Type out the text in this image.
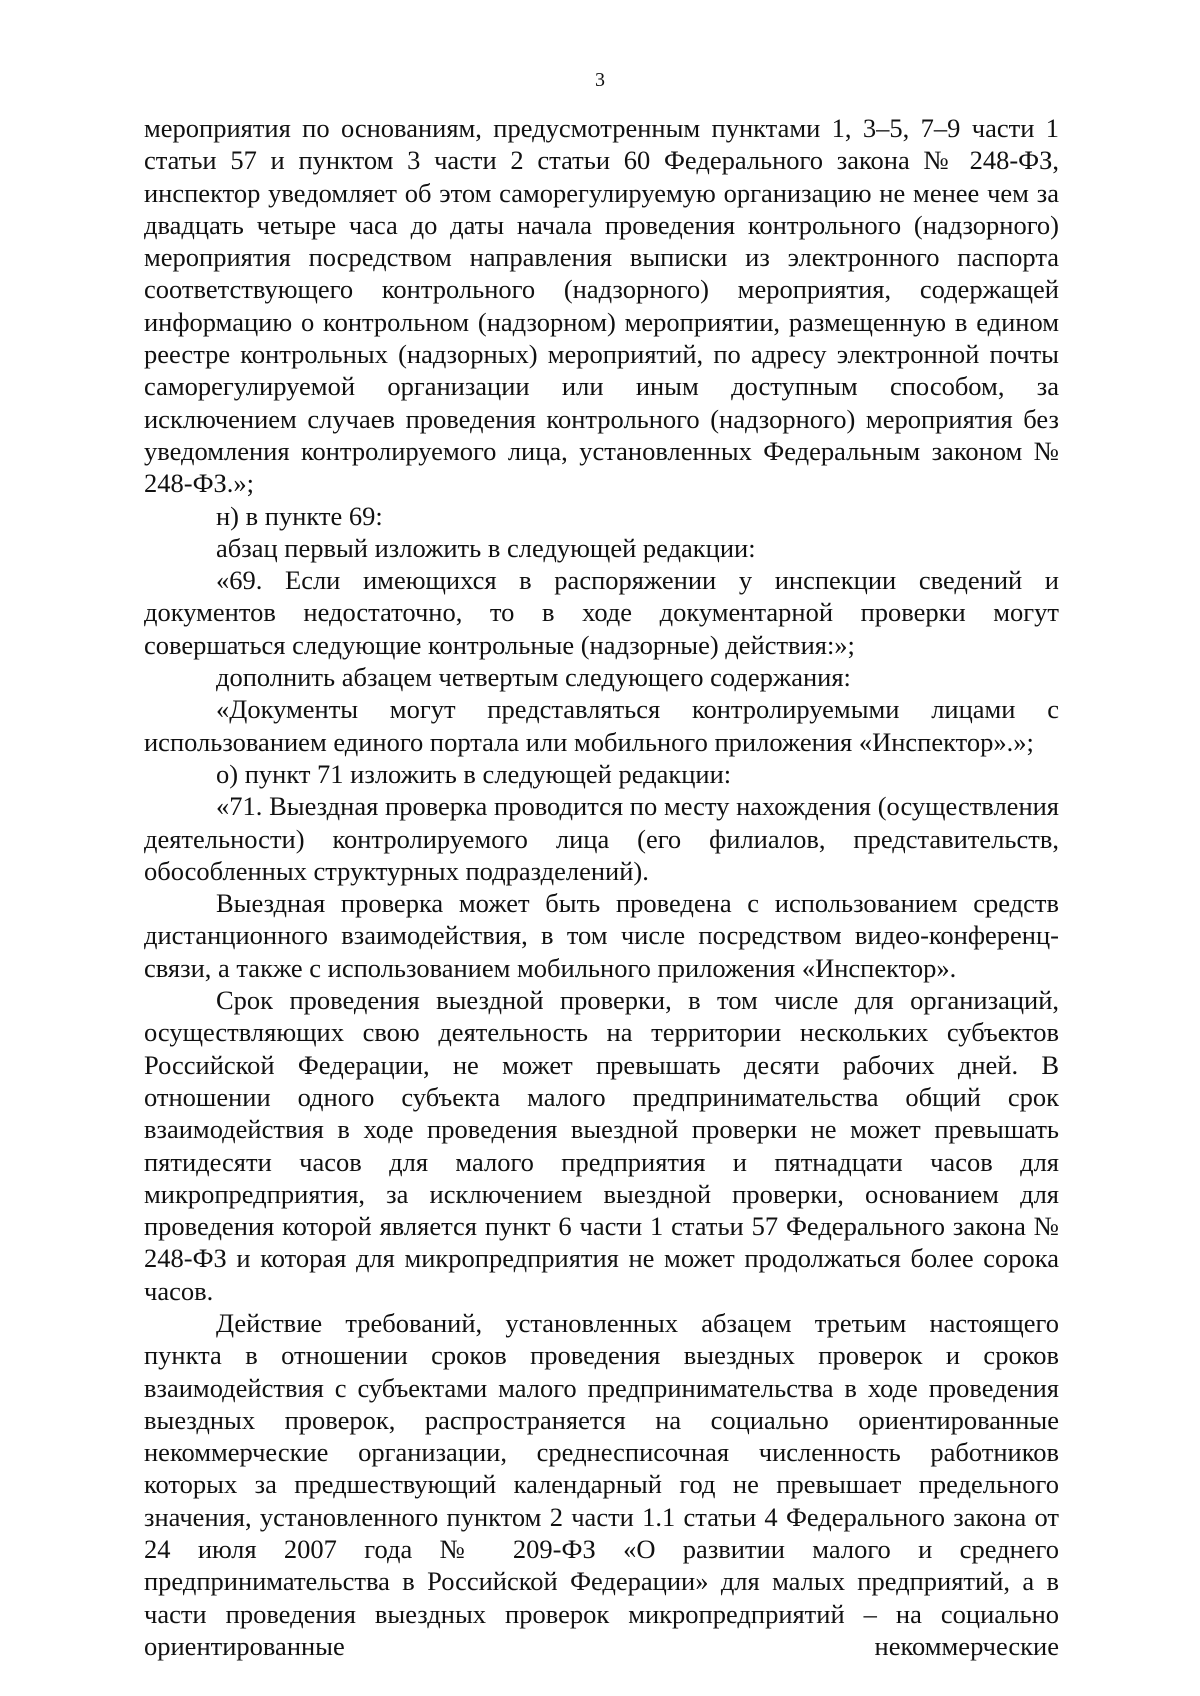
3

мероприятия по основаниям, предусмотренным пунктами 1, 3–5, 7–9 части 1 статьи 57 и пунктом 3 части 2 статьи 60 Федерального закона № 248-ФЗ, инспектор уведомляет об этом саморегулируемую организацию не менее чем за двадцать четыре часа до даты начала проведения контрольного (надзорного) мероприятия посредством направления выписки из электронного паспорта соответствующего контрольного (надзорного) мероприятия, содержащей информацию о контрольном (надзорном) мероприятии, размещенную в едином реестре контрольных (надзорных) мероприятий, по адресу электронной почты саморегулируемой организации или иным доступным способом, за исключением случаев проведения контрольного (надзорного) мероприятия без уведомления контролируемого лица, установленных Федеральным законом № 248-ФЗ.»;

н) в пункте 69:

абзац первый изложить в следующей редакции:

«69. Если имеющихся в распоряжении у инспекции сведений и документов недостаточно, то в ходе документарной проверки могут совершаться следующие контрольные (надзорные) действия:»;

дополнить абзацем четвертым следующего содержания:

«Документы могут представляться контролируемыми лицами с использованием единого портала или мобильного приложения «Инспектор».»;

о) пункт 71 изложить в следующей редакции:

«71. Выездная проверка проводится по месту нахождения (осуществления деятельности) контролируемого лица (его филиалов, представительств, обособленных структурных подразделений).

Выездная проверка может быть проведена с использованием средств дистанционного взаимодействия, в том числе посредством видео-конференц-связи, а также с использованием мобильного приложения «Инспектор».

Срок проведения выездной проверки, в том числе для организаций, осуществляющих свою деятельность на территории нескольких субъектов Российской Федерации, не может превышать десяти рабочих дней. В отношении одного субъекта малого предпринимательства общий срок взаимодействия в ходе проведения выездной проверки не может превышать пятидесяти часов для малого предприятия и пятнадцати часов для микропредприятия, за исключением выездной проверки, основанием для проведения которой является пункт 6 части 1 статьи 57 Федерального закона № 248-ФЗ и которая для микропредприятия не может продолжаться более сорока часов.

Действие требований, установленных абзацем третьим настоящего пункта в отношении сроков проведения выездных проверок и сроков взаимодействия с субъектами малого предпринимательства в ходе проведения выездных проверок, распространяется на социально ориентированные некоммерческие организации, среднесписочная численность работников которых за предшествующий календарный год не превышает предельного значения, установленного пунктом 2 части 1.1 статьи 4 Федерального закона от 24 июля 2007 года № 209-ФЗ «О развитии малого и среднего предпринимательства в Российской Федерации» для малых предприятий, а в части проведения выездных проверок микропредприятий – на социально ориентированные некоммерческие
